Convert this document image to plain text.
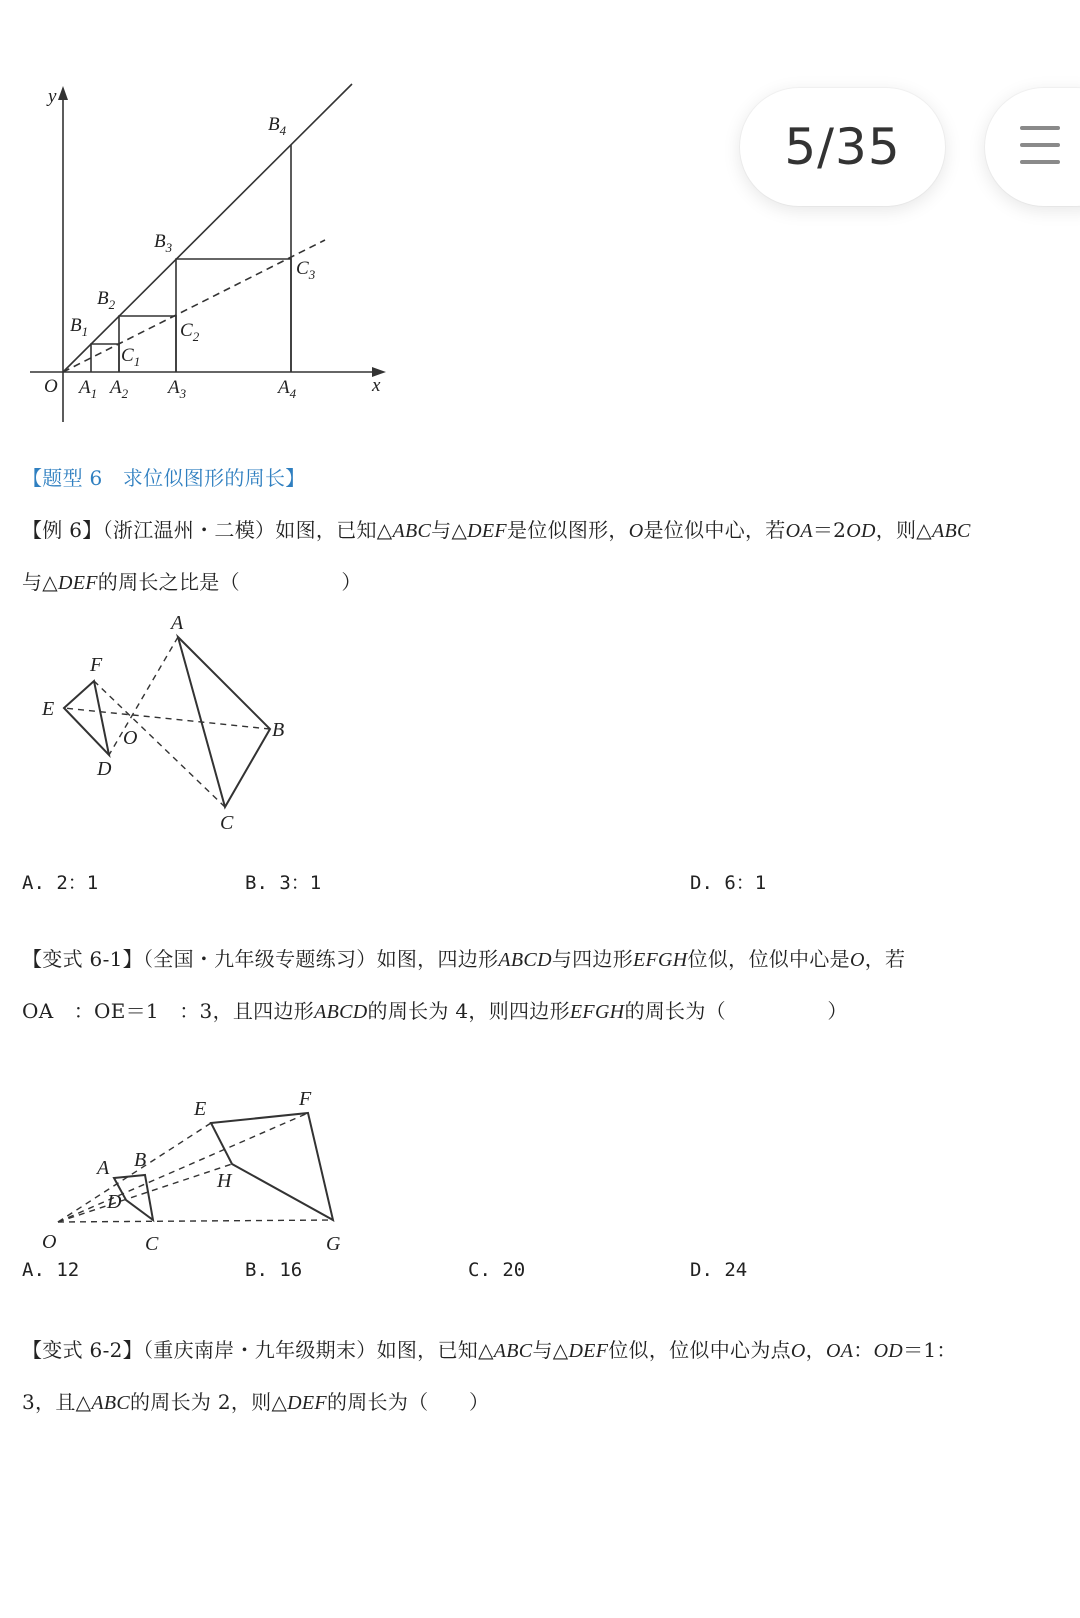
y
x
O
$B_1$
$B_2$
$B_3$
$B_4$
$C_1$
$C_2$
$C_3$
$A_1$ $A_2$ $A_3$	$A_4$
5/35
【题型 6　求位似图形的周长】
【例 6】（浙江温州・二模）如图，已知△ABC与△DEF是位似图形，O是位似中心，若OA＝2OD，则△ABC
与△DEF的周长之比是（　　　　　）
A
B
C
D
E
F
O
A. 2：1	B. 3：1	D. 6：1
【变式 6-1】（全国・九年级专题练习）如图，四边形ABCD与四边形EFGH位似，位似中心是O，若
OA　：OE＝1　：3，且四边形ABCD的周长为 4，则四边形EFGH的周长为（　　　　　）
A B
C
D
E	F
G
H
O
A. 12	B. 16	C. 20	D. 24
【变式 6-2】（重庆南岸・九年级期末）如图，已知△ABC与△DEF位似，位似中心为点O，OA：OD＝1：
3，且△ABC的周长为 2，则△DEF的周长为（　　）
